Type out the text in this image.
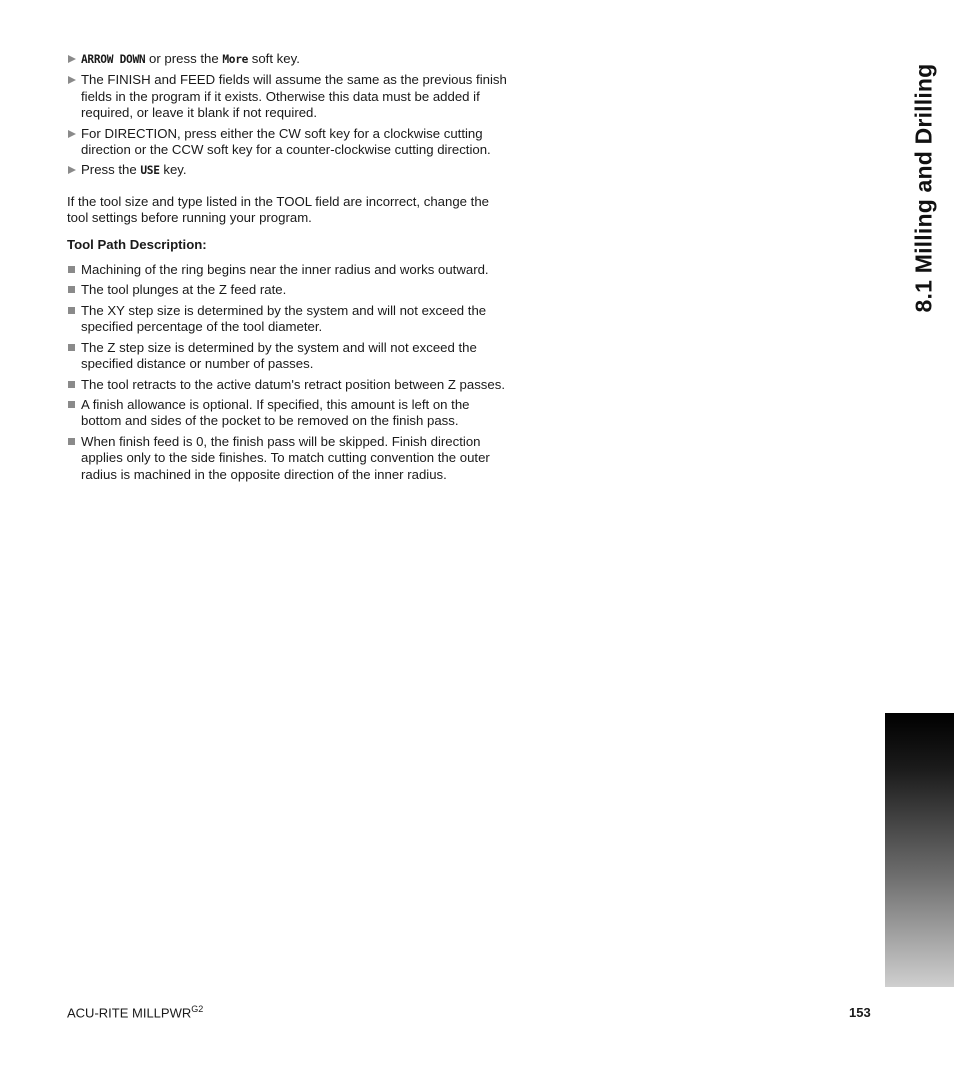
ARROW DOWN or press the More soft key.
The FINISH and FEED fields will assume the same as the previous finish fields in the program if it exists. Otherwise this data must be added if required, or leave it blank if not required.
For DIRECTION, press either the CW soft key for a clockwise cutting direction or the CCW soft key for a counter-clockwise cutting direction.
Press the USE key.
If the tool size and type listed in the TOOL field are incorrect, change the tool settings before running your program.
Tool Path Description:
Machining of the ring begins near the inner radius and works outward.
The tool plunges at the Z feed rate.
The XY step size is determined by the system and will not exceed the specified percentage of the tool diameter.
The Z step size is determined by the system and will not exceed the specified distance or number of passes.
The tool retracts to the active datum's retract position between Z passes.
A finish allowance is optional. If specified, this amount is left on the bottom and sides of the pocket to be removed on the finish pass.
When finish feed is 0, the finish pass will be skipped. Finish direction applies only to the side finishes. To match cutting convention the outer radius is machined in the opposite direction of the inner radius.
8.1 Milling and Drilling
ACU-RITE $MILLPWR^{G2}$	153
